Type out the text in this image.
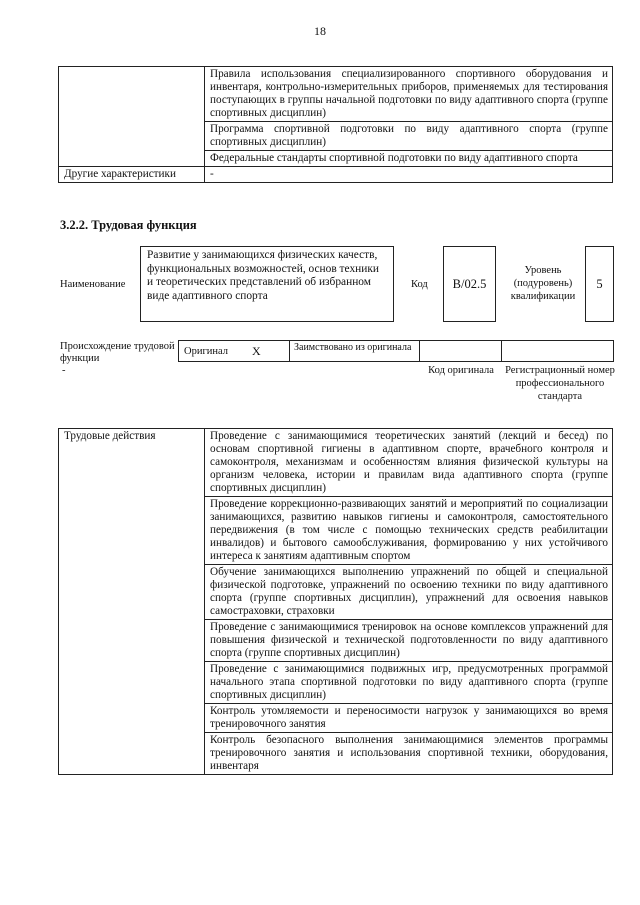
18
	Правила использования специализированного спортивного оборудования и инвентаря, контрольно-измерительных приборов, применяемых для тестирования поступающих в группы начальной подготовки по виду адаптивного спорта (группе спортивных дисциплин)
	Программа спортивной подготовки по виду адаптивного спорта (группе спортивных дисциплин)
	Федеральные стандарты спортивной подготовки по виду адаптивного спорта
Другие характеристики	-
3.2.2. Трудовая функция
Наименование
Развитие у занимающихся физических качеств, функциональных возможностей, основ техники и теоретических представлений об избранном виде адаптивного спорта
Код	B/02.5
Уровень (подуровень) квалификации
5
Происхождение трудовой функции
-
Оригинал X	Заимствовано из оригинала
Код оригинала	Регистрационный номер профессионального стандарта
Трудовые действия	Проведение с занимающимися теоретических занятий (лекций и бесед) по основам спортивной гигиены в адаптивном спорте, врачебного контроля и самоконтроля, механизмам и особенностям влияния физической культуры на организм человека, истории и правилам вида адаптивного спорта (группе спортивных дисциплин)
Проведение коррекционно-развивающих занятий и мероприятий по социализации занимающихся, развитию навыков гигиены и самоконтроля, самостоятельного передвижения (в том числе с помощью технических средств реабилитации инвалидов) и бытового самообслуживания, формированию у них устойчивого интереса к занятиям адаптивным спортом
Обучение занимающихся выполнению упражнений по общей и специальной физической подготовке, упражнений по освоению техники по виду адаптивного спорта (группе спортивных дисциплин), упражнений для освоения навыков самостраховки, страховки
Проведение с занимающимися тренировок на основе комплексов упражнений для повышения физической и технической подготовленности по виду адаптивного спорта (группе спортивных дисциплин)
Проведение с занимающимися подвижных игр, предусмотренных программой начального этапа спортивной подготовки по виду адаптивного спорта (группе спортивных дисциплин)
Контроль утомляемости и переносимости нагрузок у занимающихся во время тренировочного занятия
Контроль безопасного выполнения занимающимися элементов программы тренировочного занятия и использования спортивной техники, оборудования, инвентаря
